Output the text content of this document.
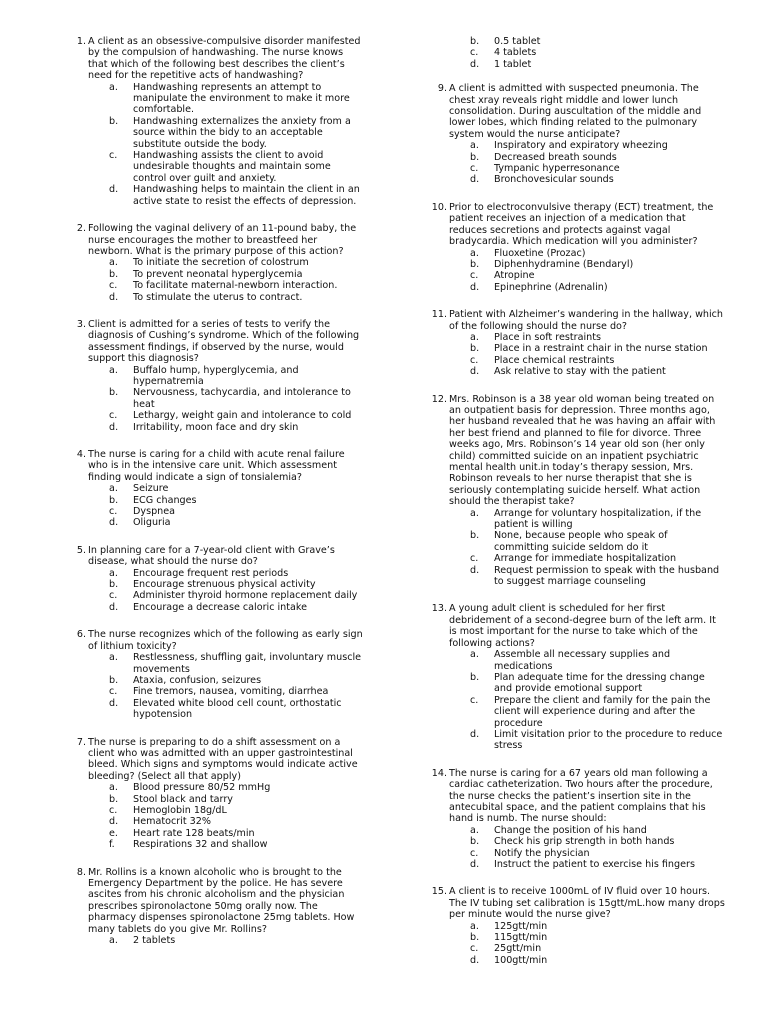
1. A client as an obsessive-compulsive disorder manifested by the compulsion of handwashing. The nurse knows that which of the following best describes the client’s need for the repetitive acts of handwashing?
a. Handwashing represents an attempt to manipulate the environment to make it more comfortable.
b. Handwashing externalizes the anxiety from a source within the bidy to an acceptable substitute outside the body.
c. Handwashing assists the client to avoid undesirable thoughts and maintain some control over guilt and anxiety.
d. Handwashing helps to maintain the client in an active state to resist the effects of depression.
2. Following the vaginal delivery of an 11-pound baby, the nurse encourages the mother to breastfeed her newborn. What is the primary purpose of this action?
a. To initiate the secretion of colostrum
b. To prevent neonatal hyperglycemia
c. To facilitate maternal-newborn interaction.
d. To stimulate the uterus to contract.
3. Client is admitted for a series of tests to verify the diagnosis of Cushing’s syndrome. Which of the following assessment findings, if observed by the nurse, would support this diagnosis?
a. Buffalo hump, hyperglycemia, and hypernatremia
b. Nervousness, tachycardia, and intolerance to heat
c. Lethargy, weight gain and intolerance to cold
d. Irritability, moon face and dry skin
4. The nurse is caring for a child with acute renal failure who is in the intensive care unit. Which assessment finding would indicate a sign of tonsialemia?
a. Seizure
b. ECG changes
c. Dyspnea
d. Oliguria
5. In planning care for a 7-year-old client with Grave’s disease, what should the nurse do?
a. Encourage frequent rest periods
b. Encourage strenuous physical activity
c. Administer thyroid hormone replacement daily
d. Encourage a decrease caloric intake
6. The nurse recognizes which of the following as early sign of lithium toxicity?
a. Restlessness, shuffling gait, involuntary muscle movements
b. Ataxia, confusion, seizures
c. Fine tremors, nausea, vomiting, diarrhea
d. Elevated white blood cell count, orthostatic hypotension
7. The nurse is preparing to do a shift assessment on a client who was admitted with an upper gastrointestinal bleed. Which signs and symptoms would indicate active bleeding? (Select all that apply)
a. Blood pressure 80/52 mmHg
b. Stool black and tarry
c. Hemoglobin 18g/dL
d. Hematocrit 32%
e. Heart rate 128 beats/min
f. Respirations 32 and shallow
8. Mr. Rollins is a known alcoholic who is brought to the Emergency Department by the police. He has severe ascites from his chronic alcoholism and the physician prescribes spironolactone 50mg orally now. The pharmacy dispenses spironolactone 25mg tablets. How many tablets do you give Mr. Rollins?
a. 2 tablets
b. 0.5 tablet
c. 4 tablets
d. 1 tablet
9. A client is admitted with suspected pneumonia. The chest xray reveals right middle and lower lunch consolidation. During auscultation of the middle and lower lobes, which finding related to the pulmonary system would the nurse anticipate?
a. Inspiratory and expiratory wheezing
b. Decreased breath sounds
c. Tympanic hyperresonance
d. Bronchovesicular sounds
10. Prior to electroconvulsive therapy (ECT) treatment, the patient receives an injection of a medication that reduces secretions and protects against vagal bradycardia. Which medication will you administer?
a. Fluoxetine (Prozac)
b. Diphenhydramine (Bendaryl)
c. Atropine
d. Epinephrine (Adrenalin)
11. Patient with Alzheimer’s wandering in the hallway, which of the following should the nurse do?
a. Place in soft restraints
b. Place in a restraint chair in the nurse station
c. Place chemical restraints
d. Ask relative to stay with the patient
12. Mrs. Robinson is a 38 year old woman being treated on an outpatient basis for depression. Three months ago, her husband revealed that he was having an affair with her best friend and planned to file for divorce. Three weeks ago, Mrs. Robinson’s 14 year old son (her only child) committed suicide on an inpatient psychiatric mental health unit.in today’s therapy session, Mrs. Robinson reveals to her nurse therapist that she is seriously contemplating suicide herself. What action should the therapist take?
a. Arrange for voluntary hospitalization, if the patient is willing
b. None, because people who speak of committing suicide seldom do it
c. Arrange for immediate hospitalization
d. Request permission to speak with the husband to suggest marriage counseling
13. A young adult client is scheduled for her first debridement of a second-degree burn of the left arm. It is most important for the nurse to take which of the following actions?
a. Assemble all necessary supplies and medications
b. Plan adequate time for the dressing change and provide emotional support
c. Prepare the client and family for the pain the client will experience during and after the procedure
d. Limit visitation prior to the procedure to reduce stress
14. The nurse is caring for a 67 years old man following a cardiac catheterization. Two hours after the procedure, the nurse checks the patient’s insertion site in the antecubital space, and the patient complains that his hand is numb. The nurse should:
a. Change the position of his hand
b. Check his grip strength in both hands
c. Notify the physician
d. Instruct the patient to exercise his fingers
15. A client is to receive 1000mL of IV fluid over 10 hours. The IV tubing set calibration is 15gtt/mL.how many drops per minute would the nurse give?
a. 125gtt/min
b. 115gtt/min
c. 25gtt/min
d. 100gtt/min
